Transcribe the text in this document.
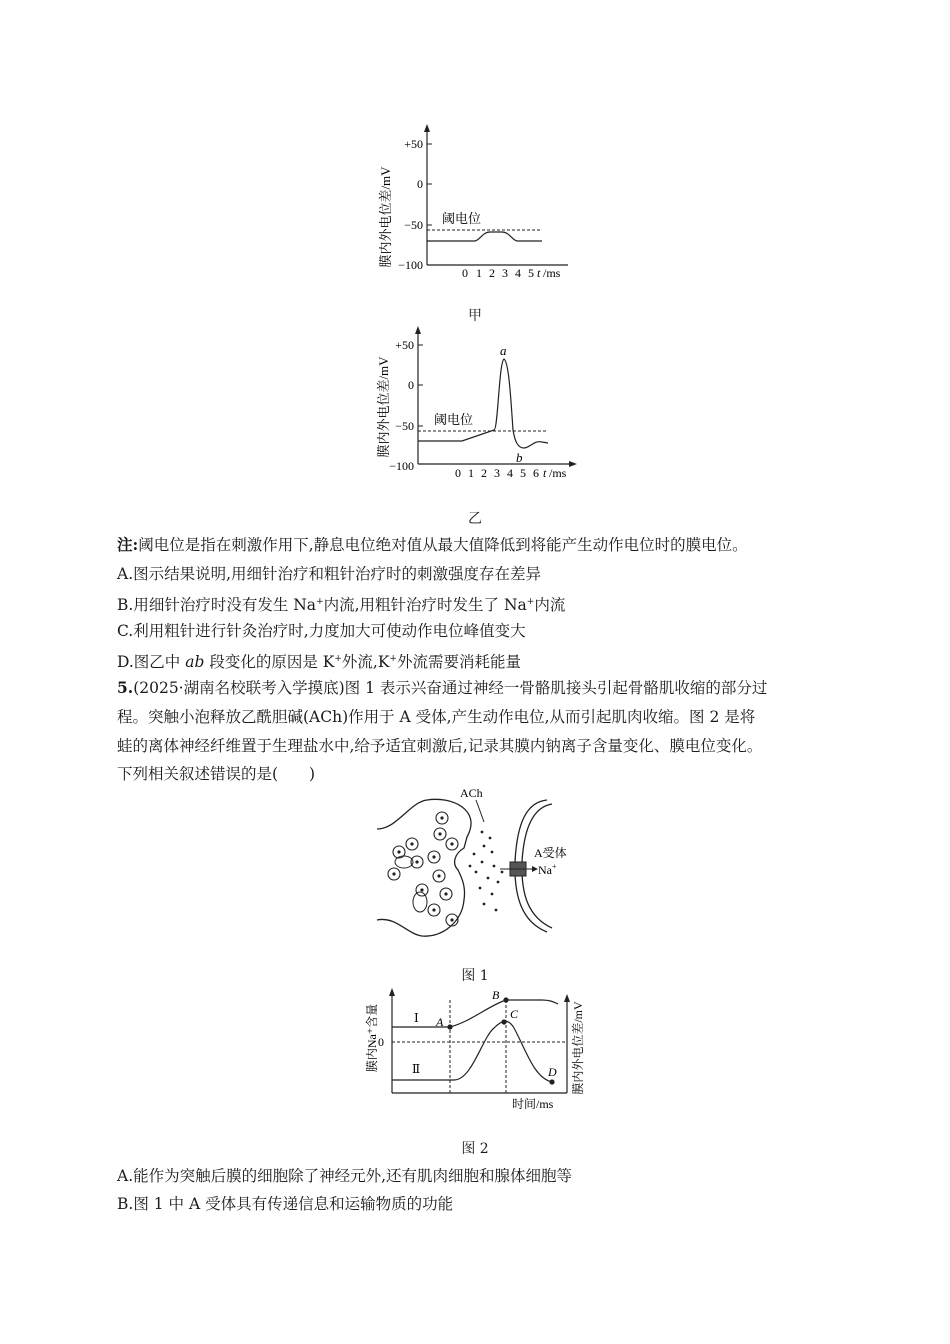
膜内外电位差/mV
+50
0
−50
−100
0 1 2 3 4 5 t /ms
阈电位
甲
膜内外电位差/mV
+50
0
−50
−100	0 1 2 3 4 5 6 t /ms
阈电位
a
b
乙
注:阈电位是指在刺激作用下,静息电位绝对值从最大值降低到将能产生动作电位时的膜电位。
A.图示结果说明,用细针治疗和粗针治疗时的刺激强度存在差异
B.用细针治疗时没有发生 Na+内流,用粗针治疗时发生了 Na+内流
C.利用粗针进行针灸治疗时,力度加大可使动作电位峰值变大
D.图乙中 ab 段变化的原因是 K+外流,K+外流需要消耗能量
5.(2025·湖南名校联考入学摸底)图 1 表示兴奋通过神经一骨骼肌接头引起骨骼肌收缩的部分过
程。突触小泡释放乙酰胆碱(ACh)作用于 A 受体,产生动作电位,从而引起肌肉收缩。图 2 是将
蛙的离体神经纤维置于生理盐水中,给予适宜刺激后,记录其膜内钠离子含量变化、膜电位变化。
下列相关叙述错误的是(　　)
ACh
A受体
Na+
图 1
膜内Na⁺含量	膜内外电位差/mV
0
Ⅰ
Ⅱ
A
B
C
D
时间/ms
图 2
A.能作为突触后膜的细胞除了神经元外,还有肌肉细胞和腺体细胞等
B.图 1 中 A 受体具有传递信息和运输物质的功能
